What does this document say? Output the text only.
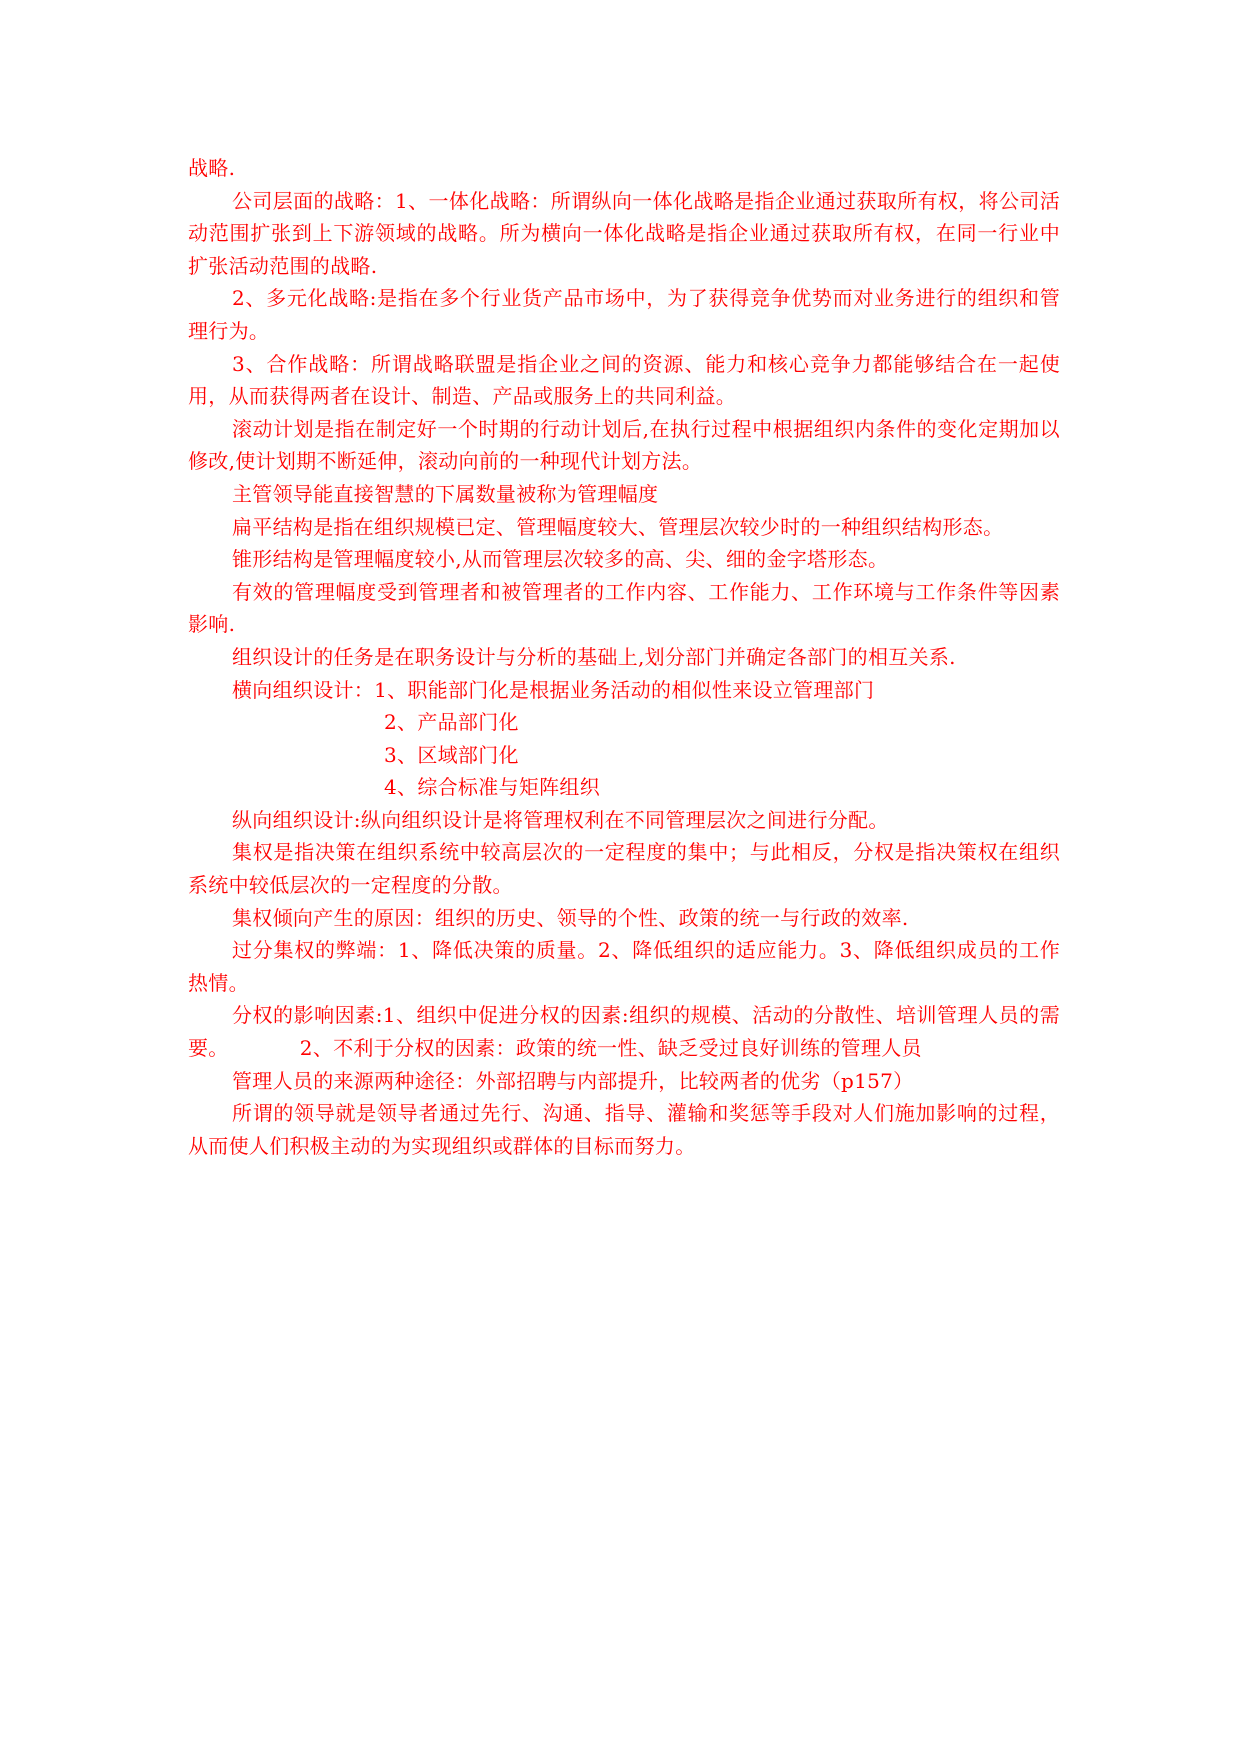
战略.

公司层面的战略：1、一体化战略：所谓纵向一体化战略是指企业通过获取所有权，将公司活动范围扩张到上下游领域的战略。所为横向一体化战略是指企业通过获取所有权，在同一行业中扩张活动范围的战略.

2、多元化战略:是指在多个行业货产品市场中，为了获得竞争优势而对业务进行的组织和管理行为。

3、合作战略：所谓战略联盟是指企业之间的资源、能力和核心竞争力都能够结合在一起使用，从而获得两者在设计、制造、产品或服务上的共同利益。

滚动计划是指在制定好一个时期的行动计划后,在执行过程中根据组织内条件的变化定期加以修改,使计划期不断延伸，滚动向前的一种现代计划方法。

主管领导能直接智慧的下属数量被称为管理幅度

扁平结构是指在组织规模已定、管理幅度较大、管理层次较少时的一种组织结构形态。

锥形结构是管理幅度较小,从而管理层次较多的高、尖、细的金字塔形态。

有效的管理幅度受到管理者和被管理者的工作内容、工作能力、工作环境与工作条件等因素影响.

组织设计的任务是在职务设计与分析的基础上,划分部门并确定各部门的相互关系.

横向组织设计：1、职能部门化是根据业务活动的相似性来设立管理部门

2、产品部门化

3、区域部门化

4、综合标准与矩阵组织

纵向组织设计:纵向组织设计是将管理权利在不同管理层次之间进行分配。

集权是指决策在组织系统中较高层次的一定程度的集中；与此相反，分权是指决策权在组织系统中较低层次的一定程度的分散。

集权倾向产生的原因：组织的历史、领导的个性、政策的统一与行政的效率.

过分集权的弊端：1、降低决策的质量。2、降低组织的适应能力。3、降低组织成员的工作热情。

分权的影响因素:1、组织中促进分权的因素:组织的规模、活动的分散性、培训管理人员的需要。　　　　2、不利于分权的因素：政策的统一性、缺乏受过良好训练的管理人员

管理人员的来源两种途径：外部招聘与内部提升，比较两者的优劣（p157）

所谓的领导就是领导者通过先行、沟通、指导、灌输和奖惩等手段对人们施加影响的过程，从而使人们积极主动的为实现组织或群体的目标而努力。
